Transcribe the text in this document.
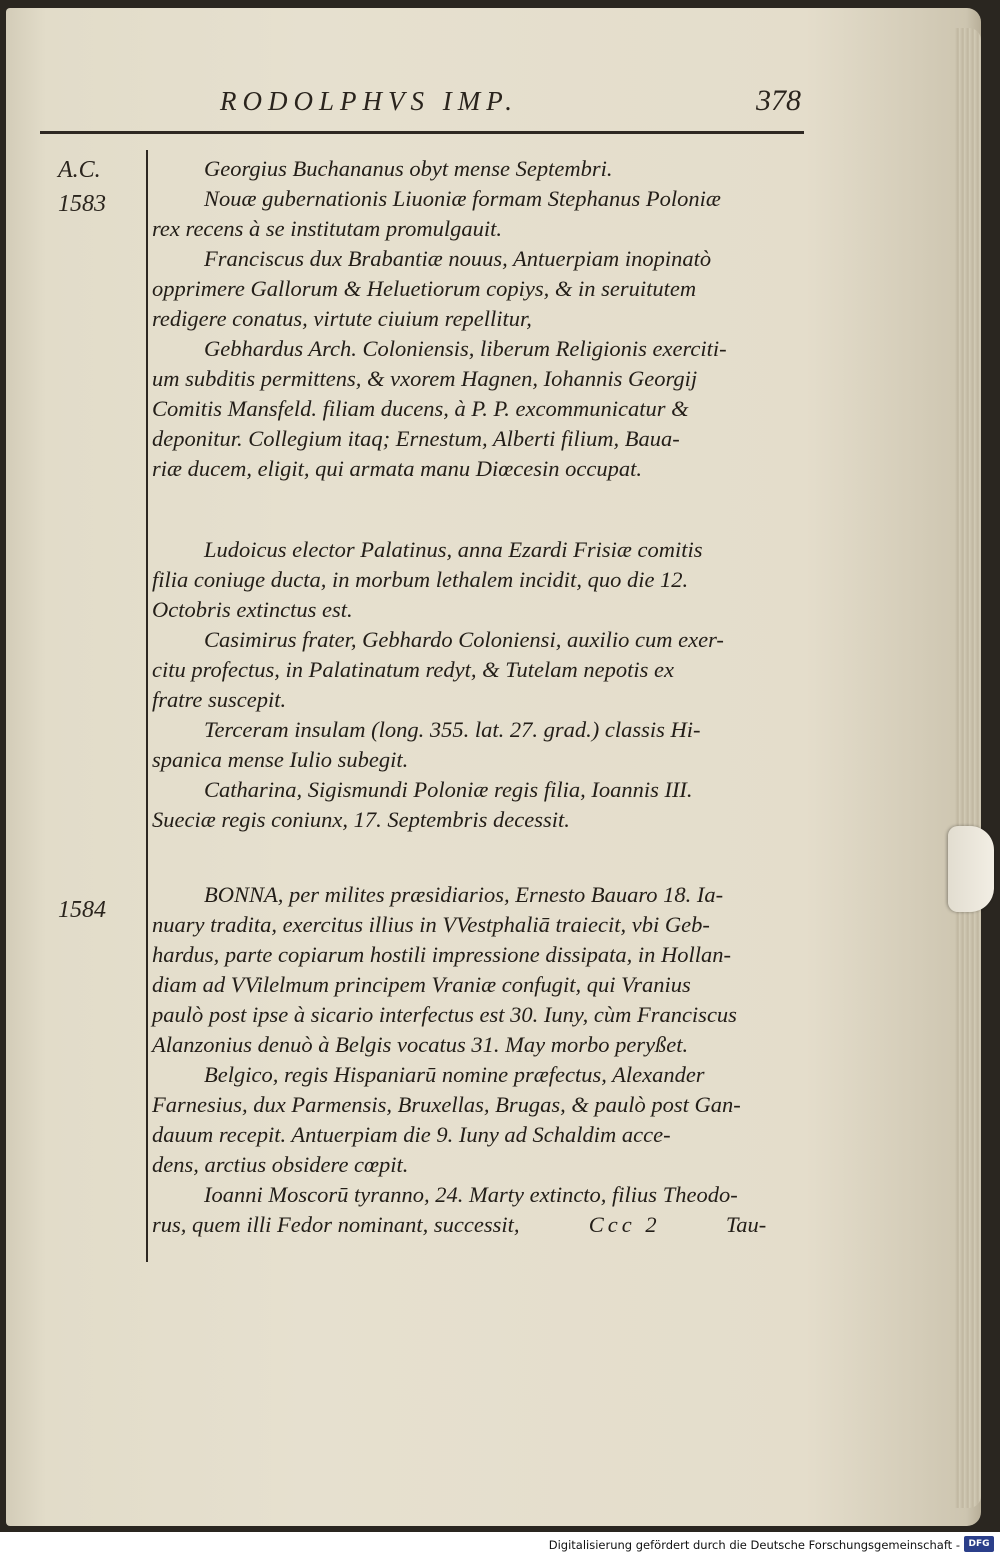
RODOLPHVS IMP.	378
A.C.
1583
1584
Georgius Buchananus obyt mense Septembri.
Nouæ gubernationis Liuoniæ formam Stephanus Poloniæ
rex recens à se institutam promulgauit.
Franciscus dux Brabantiæ nouus, Antuerpiam inopinatò
opprimere Gallorum & Heluetiorum copiys, & in seruitutem
redigere conatus, virtute ciuium repellitur,
Gebhardus Arch. Coloniensis, liberum Religionis exerciti-
um subditis permittens, & vxorem Hagnen, Iohannis Georgij
Comitis Mansfeld. filiam ducens, à P. P. excommunicatur &
deponitur. Collegium itaq; Ernestum, Alberti filium, Baua-
riæ ducem, eligit, qui armata manu Diœcesin occupat.
Ludoicus elector Palatinus, anna Ezardi Frisiæ comitis
filia coniuge ducta, in morbum lethalem incidit, quo die 12.
Octobris extinctus est.
Casimirus frater, Gebhardo Coloniensi, auxilio cum exer-
citu profectus, in Palatinatum redyt, & Tutelam nepotis ex
fratre suscepit.
Terceram insulam (long. 355. lat. 27. grad.) classis Hi-
spanica mense Iulio subegit.
Catharina, Sigismundi Poloniæ regis filia, Ioannis III.
Sueciæ regis coniunx, 17. Septembris decessit.
BONNA, per milites præsidiarios, Ernesto Bauaro 18. Ia-
nuary tradita, exercitus illius in VVestphaliā traiecit, vbi Geb-
hardus, parte copiarum hostili impressione dissipata, in Hollan-
diam ad VVilelmum principem Vraniæ confugit, qui Vranius
paulò post ipse à sicario interfectus est 30. Iuny, cùm Franciscus
Alanzonius denuò à Belgis vocatus 31. May morbo peryßet.
Belgico, regis Hispaniarū nomine præfectus, Alexander
Farnesius, dux Parmensis, Bruxellas, Brugas, & paulò post Gan-
dauum recepit. Antuerpiam die 9. Iuny ad Schaldim acce-
dens, arctius obsidere cœpit.
Ioanni Moscorū tyranno, 24. Marty extincto, filius Theodo-
rus, quem illi Fedor nominant, successit,	Ccc 2	Tau-
Digitalisierung gefördert durch die Deutsche Forschungsgemeinschaft - DFG
